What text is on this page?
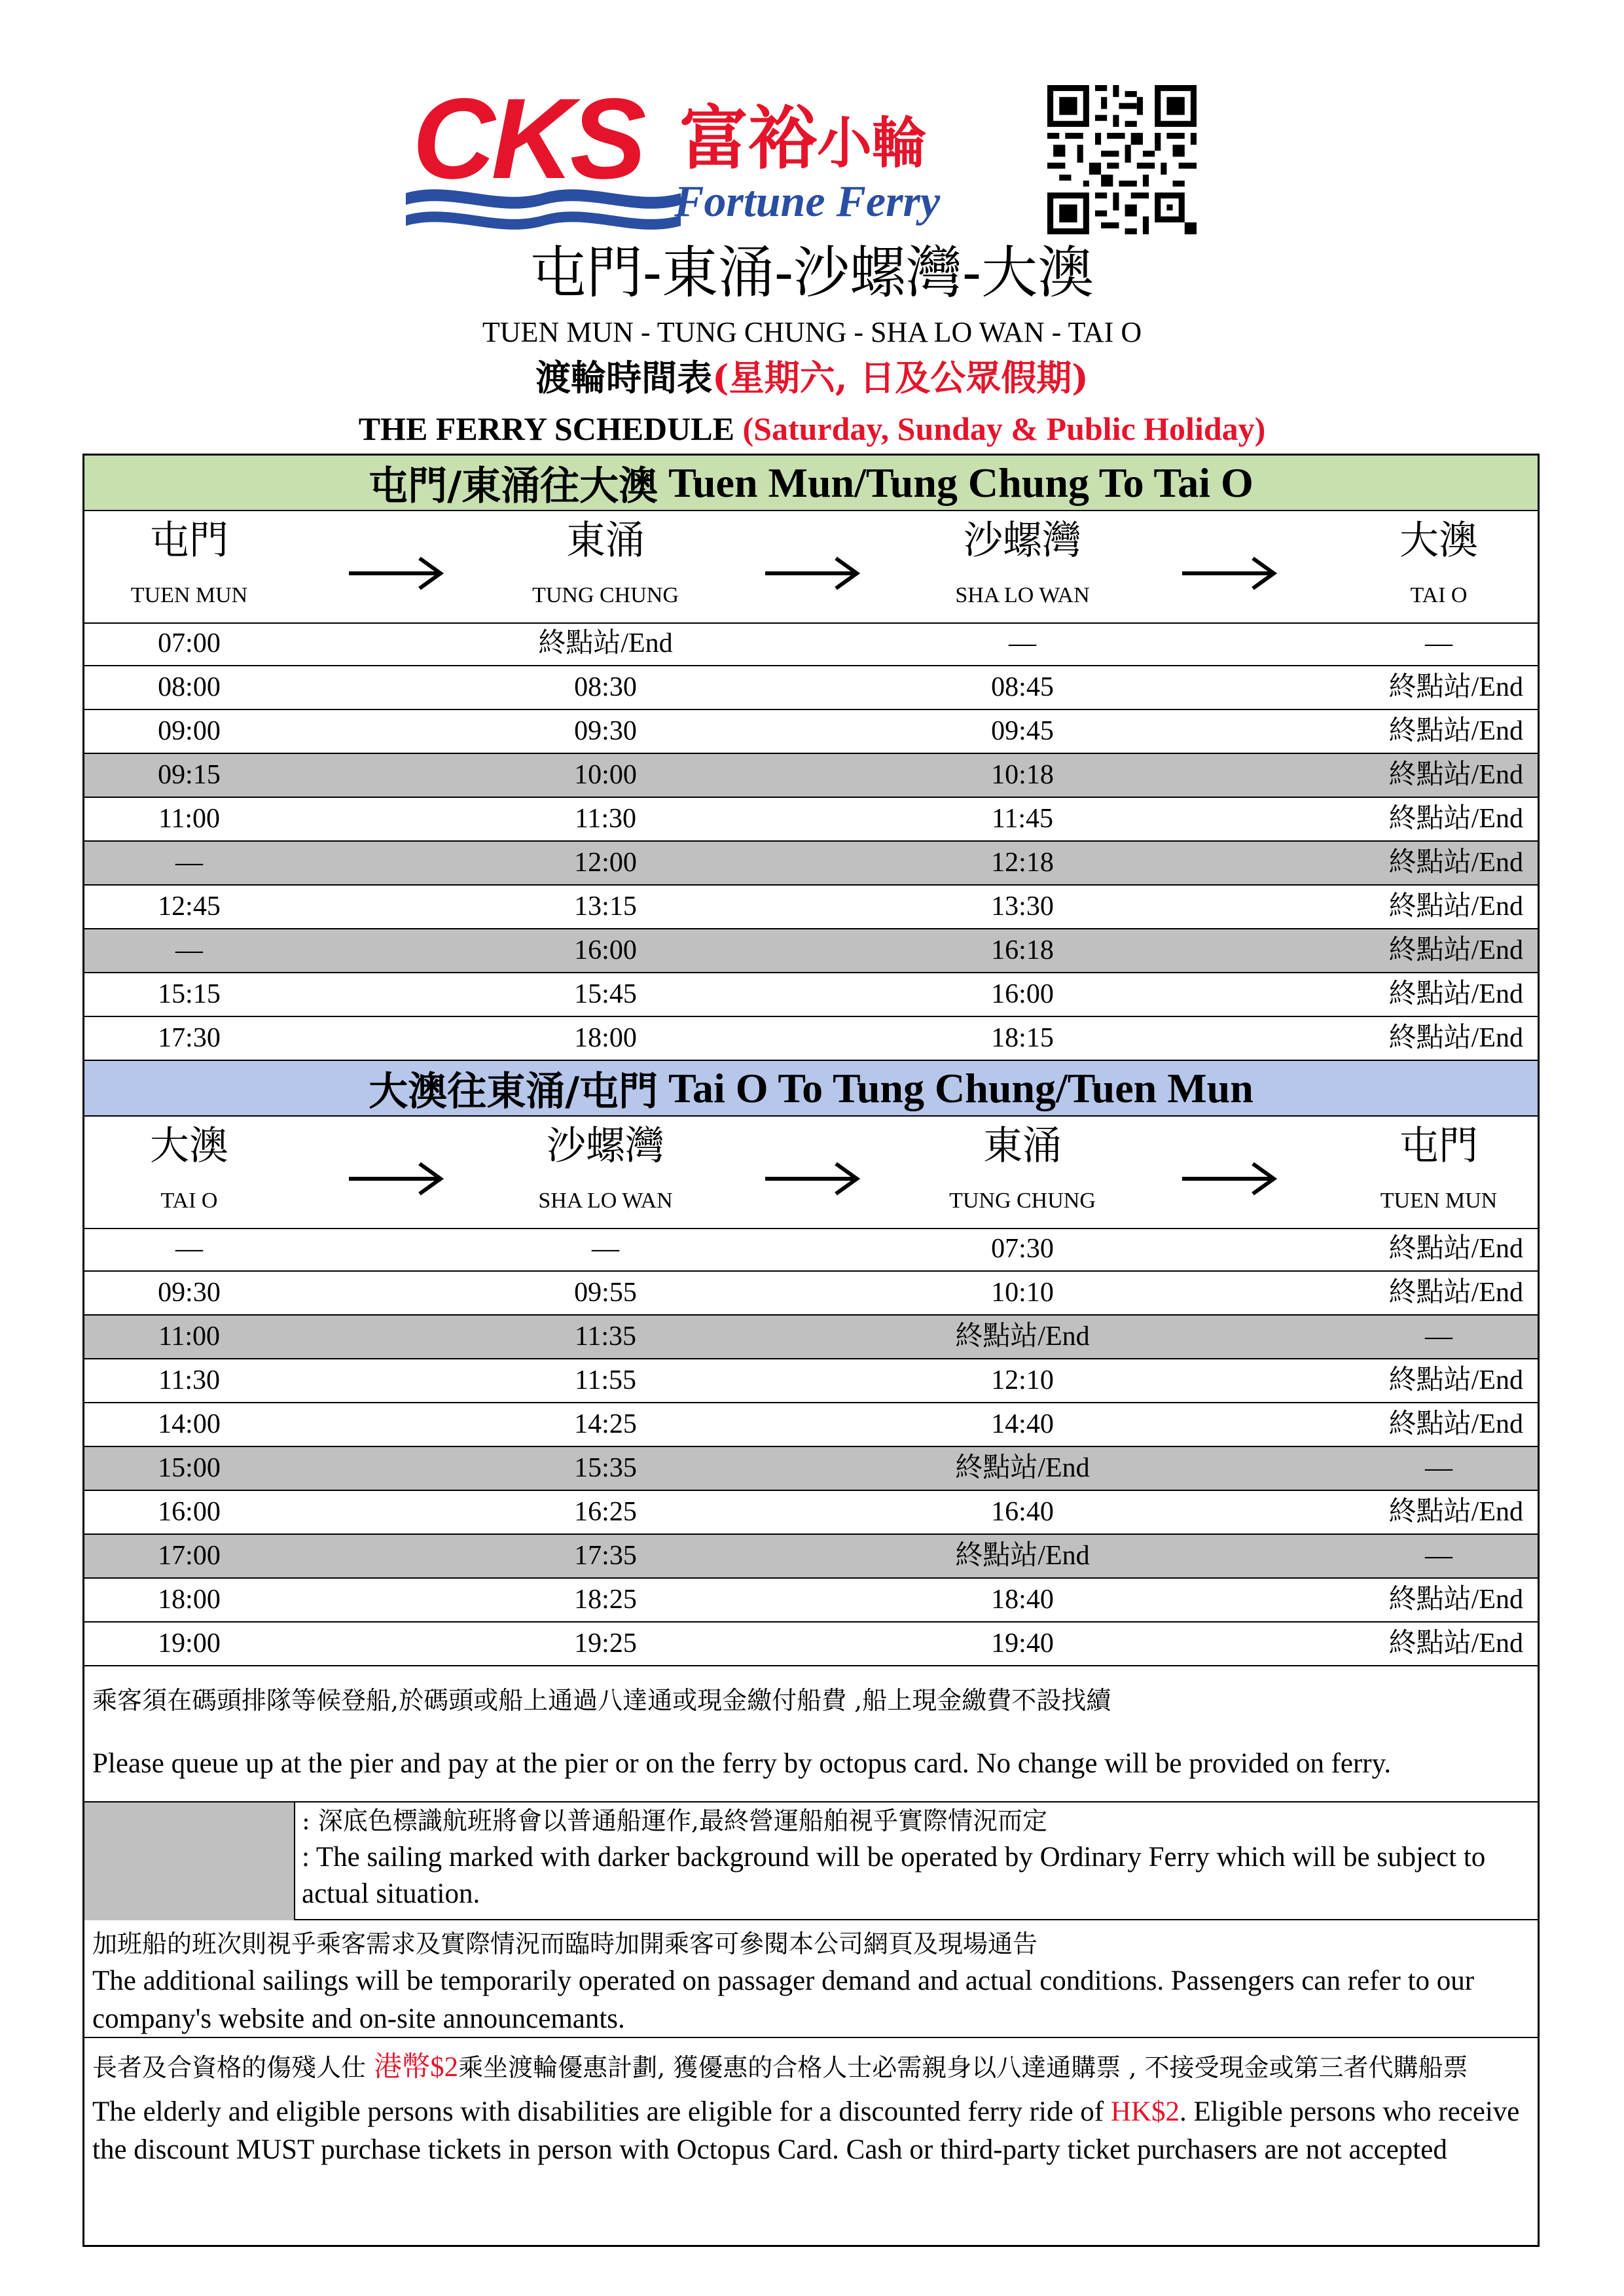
CKS 富裕小輪
Fortune Ferry
屯門-東涌-沙螺灣-大澳
TUEN MUN - TUNG CHUNG - SHA LO WAN - TAI O
渡輪時間表(星期六, 日及公眾假期)
THE FERRY SCHEDULE (Saturday, Sunday & Public Holiday)
屯門/東涌往大澳
Tuen Mun/Tung Chung To Tai O
屯門
TUEN MUN
東涌
TUNG CHUNG
沙螺灣
SHA LO WAN
大澳
TAI O
07:00	終點站/End	—	—
08:00	08:30	08:45	終點站/End
09:00	09:30	09:45	終點站/End
09:15	10:00	10:18	終點站/End
11:00	11:30	11:45	終點站/End
—	12:00	12:18	終點站/End
12:45	13:15	13:30	終點站/End
—	16:00	16:18	終點站/End
15:15	15:45	16:00	終點站/End
17:30	18:00	18:15	終點站/End
大澳往東涌/屯門
Tai O To Tung Chung/Tuen Mun
大澳
TAI O
沙螺灣
SHA LO WAN
東涌
TUNG CHUNG
屯門
TUEN MUN
—	—	07:30	終點站/End
09:30	09:55	10:10	終點站/End
11:00	11:35	終點站/End	—
11:30	11:55	12:10	終點站/End
14:00	14:25	14:40	終點站/End
15:00	15:35	終點站/End	—
16:00	16:25	16:40	終點站/End
17:00	17:35	終點站/End	—
18:00	18:25	18:40	終點站/End
19:00	19:25	19:40	終點站/End

乘客須在碼頭排隊等候登船,於碼頭或船上通過八達通或現金繳付船費 ,船上現金繳費不設找續

Please queue up at the pier and pay at the pier or on the ferry by octopus card. No change will be provided on ferry.

: 深底色標識航班將會以普通船運作,最終營運船舶視乎實際情況而定

: The sailing marked with darker background will be operated by Ordinary Ferry which will be subject to actual situation.

加班船的班次則視乎乘客需求及實際情況而臨時加開乘客可參閱本公司網頁及現場通告

The additional sailings will be temporarily operated on passager demand and actual conditions. Passengers can refer to our company's website and on-site announcemants.

長者及合資格的傷殘人仕 港幣$2乘坐渡輪優惠計劃, 獲優惠的合格人士必需親身以八達通購票 , 不接受現金或第三者代購船票

The elderly and eligible persons with disabilities are eligible for a discounted ferry ride of HK$2. Eligible persons who receive the discount MUST purchase tickets in person with Octopus Card. Cash or third-party ticket purchasers are not accepted
